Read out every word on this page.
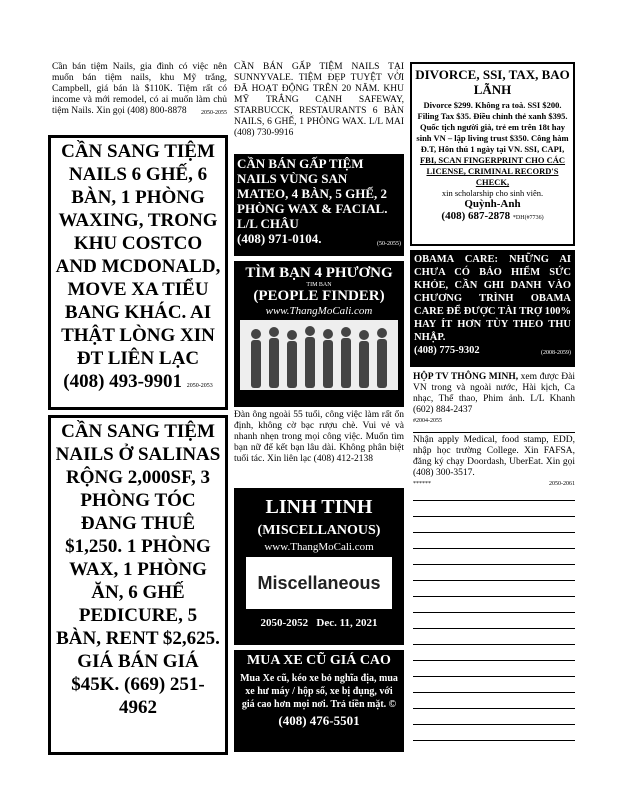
Cần bán tiệm Nails, gia đình có việc nên muốn bán tiệm nails, khu Mỹ trắng, Campbell, giá bán là $110K. Tiệm rất có income và mới remodel, có ai muốn làm chủ tiệm Nails. Xin gọi (408) 800-8878 2050-2055
CẦN SANG TIỆM NAILS 6 GHẾ, 6 BÀN, 1 PHÒNG WAXING, TRONG KHU COSTCO AND MCDONALD, MOVE XA TIỂU BANG KHÁC. AI THẬT LÒNG XIN ĐT LIÊN LẠC
(408) 493-9901 2050-2053
CẦN SANG TIỆM NAILS Ở SALINAS RỘNG 2,000SF, 3 PHÒNG TÓC ĐANG THUÊ $1,250. 1 PHÒNG WAX, 1 PHÒNG ĂN, 6 GHẾ PEDICURE, 5 BÀN, RENT $2,625. GIÁ BÁN GIÁ $45K. (669) 251-4962
CẦN BÁN GẤP TIỆM NAILS TẠI SUNNYVALE. TIỆM ĐẸP TUYỆT VỜI ĐÃ HOẠT ĐỘNG TRÊN 20 NĂM. KHU MỸ TRẮNG CẠNH SAFEWAY, STARBUCCK, RESTAURANTS 6 BÀN NAILS, 6 GHẾ, 1 PHÒNG WAX. L/L MAI (408) 730-9916
CẦN BÁN GẤP TIỆM NAILS VÙNG SAN MATEO, 4 BÀN, 5 GHẾ, 2 PHÒNG WAX & FACIAL. L/L CHÂU
(408) 971-0104.	(50-2055)
TÌM BẠN 4 PHƯƠNG
TIM BAN
(PEOPLE FINDER)
www.ThangMoCali.com
Đàn ông ngoài 55 tuổi, công việc làm rất ổn định, không cờ bạc rượu chè. Vui vẻ và nhanh nhẹn trong mọi công việc. Muốn tìm bạn nữ để kết bạn lâu dài. Không phân biệt tuổi tác. Xin liên lạc (408) 412-2138
LINH TINH
(MISCELLANOUS)
www.ThangMoCali.com
Miscellaneous
2050-2052 Dec. 11, 2021
MUA XE CŨ GIÁ CAO
Mua Xe cũ, kéo xe bỏ nghĩa địa, mua xe hư máy / hộp số, xe bị đụng, với giá cao hơn mọi nơi. Trả tiền mặt. ©
(408) 476-5501
DIVORCE, SSI, TAX, BAO LÃNH
Divorce $299. Không ra toà. SSI $200. Filing Tax $35. Điều chỉnh thẻ xanh $395. Quốc tịch người già, trẻ em trên 18t hay sinh VN – lập living trust $350. Công hàm Đ.T, Hôn thú 1 ngày tại VN. SSI, CAPI,
FBI, SCAN FINGERPRINT CHO CÁC LICENSE, CRIMINAL RECORD'S CHECK,
xin scholarship cho sinh viên.
Quỳnh-Anh
(408) 687-2878 *DH(#7736)
OBAMA CARE: NHỮNG AI CHƯA CÓ BẢO HIỂM SỨC KHỎE, CẦN GHI DANH VÀO CHƯƠNG TRÌNH OBAMA CARE ĐỂ ĐƯỢC TÀI TRỢ 100% HAY ÍT HƠN TÙY THEO THU NHẬP.
(408) 775-9302	(2008-2059)
HỘP TV THÔNG MINH, xem được Đài VN trong và ngoài nước, Hài kịch, Ca nhạc, Thể thao, Phim ảnh. L/L Khanh (602) 884-2437
#2004-2055
Nhận apply Medical, food stamp, EDD, nhập học trường College. Xin FAFSA, đăng ký chạy Doordash, UberEat. Xin gọi (408) 300-3517.
******	2050-2061
